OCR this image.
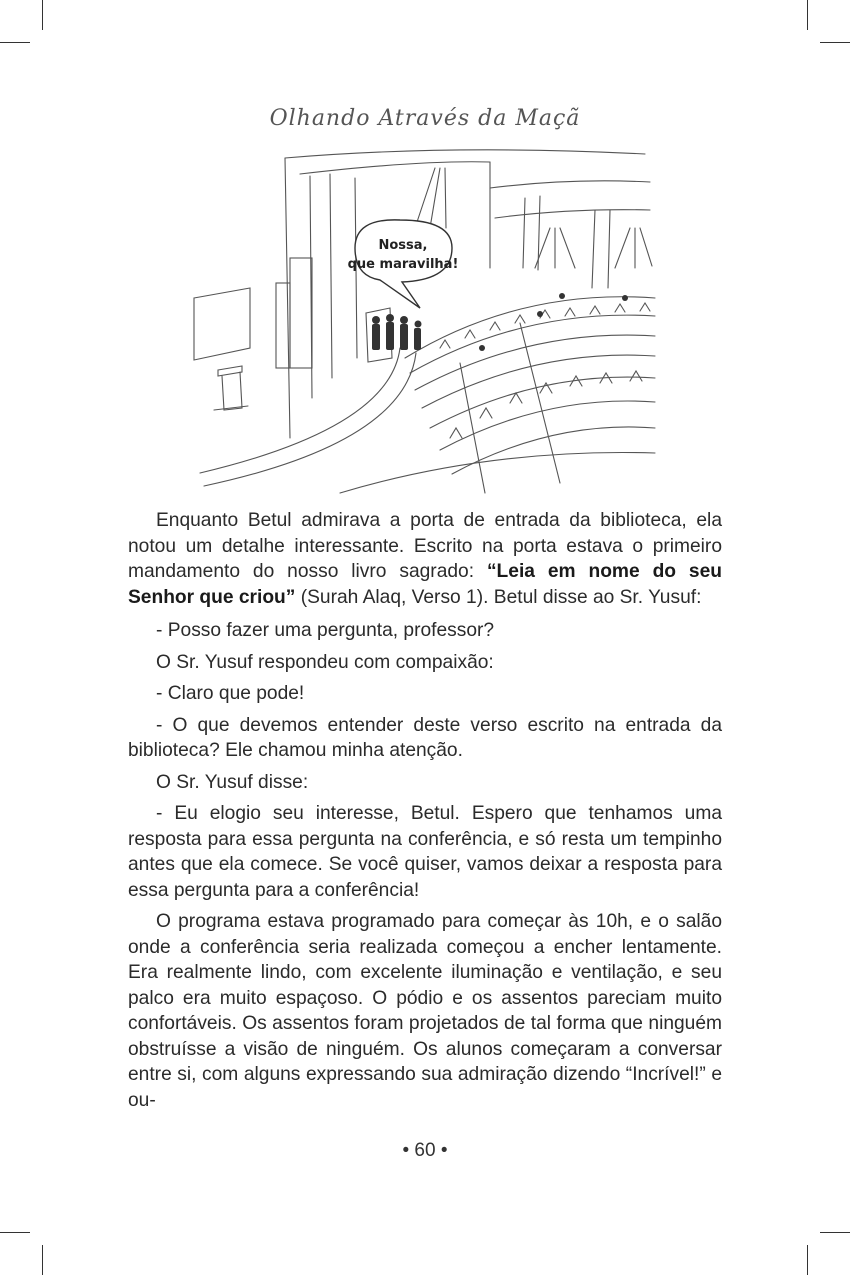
Olhando Através da Maçã
Nossa,
que maravilha!

Enquanto Betul admirava a porta de entrada da biblioteca, ela notou um detalhe interessante. Escrito na porta estava o primeiro mandamento do nosso livro sagrado: “Leia em nome do seu Senhor que criou” (Surah Alaq, Verso 1). Betul disse ao Sr. Yusuf:

- Posso fazer uma pergunta, professor?

O Sr. Yusuf respondeu com compaixão:

- Claro que pode!

- O que devemos entender deste verso escrito na entrada da biblioteca? Ele chamou minha atenção.

O Sr. Yusuf disse:

- Eu elogio seu interesse, Betul. Espero que tenhamos uma resposta para essa pergunta na conferência, e só resta um tempinho antes que ela comece. Se você quiser, vamos deixar a resposta para essa pergunta para a conferência!

O programa estava programado para começar às 10h, e o salão onde a conferência seria realizada começou a encher lentamente. Era realmente lindo, com excelente iluminação e ventilação, e seu palco era muito espaçoso. O pódio e os assentos pareciam muito confortáveis. Os assentos foram projetados de tal forma que ninguém obstruísse a visão de ninguém. Os alunos começaram a conversar entre si, com alguns expressando sua admiração dizendo “Incrível!” e ou-

• 60 •
